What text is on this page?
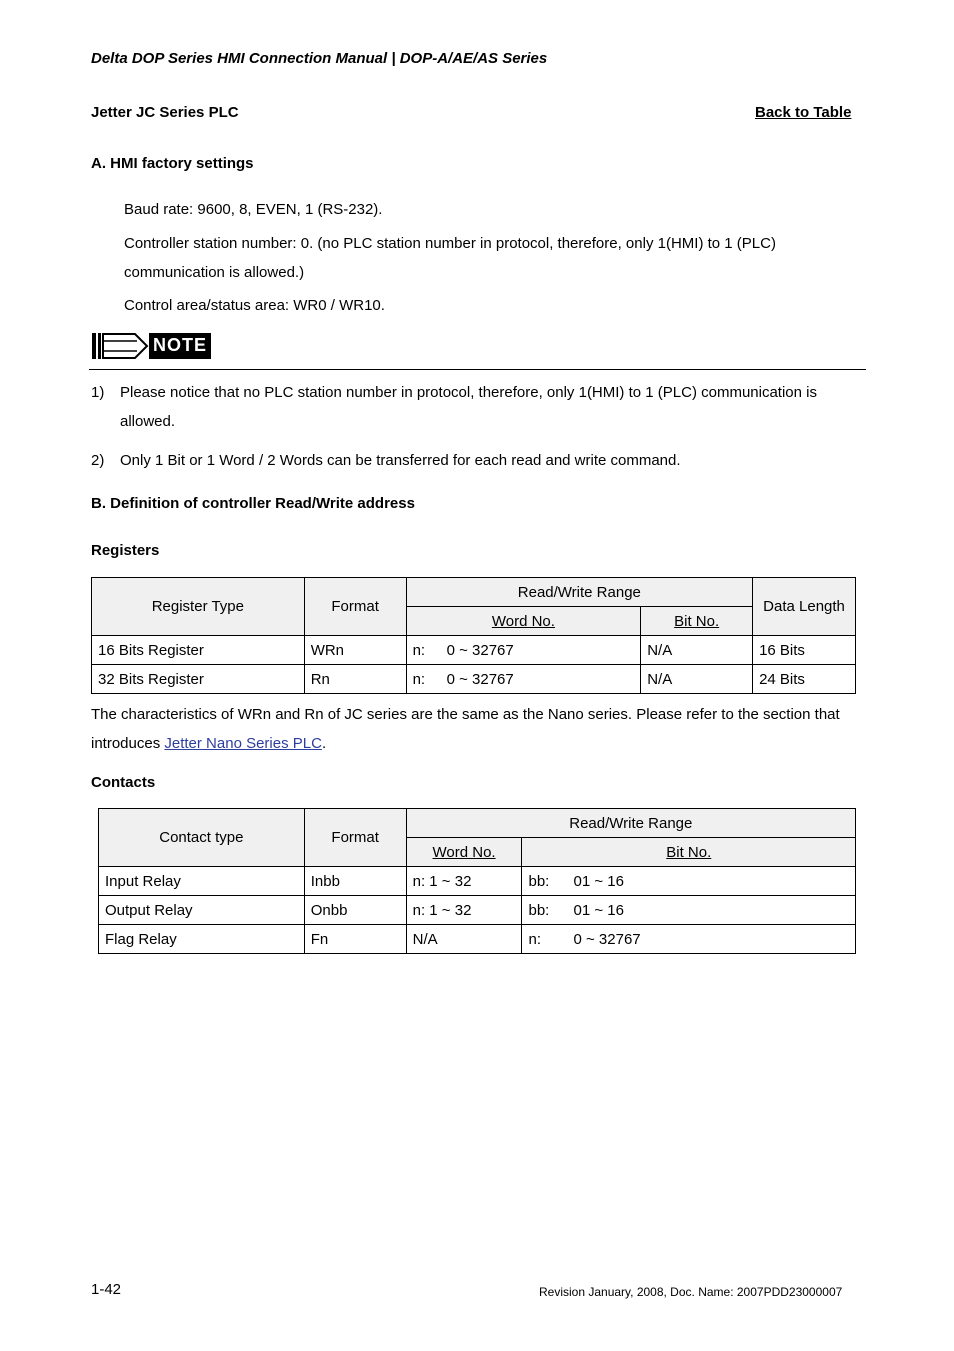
Delta DOP Series HMI Connection Manual | DOP-A/AE/AS Series
Jetter JC Series PLC	Back to Table
A. HMI factory settings
Baud rate: 9600, 8, EVEN, 1 (RS-232).
Controller station number: 0. (no PLC station number in protocol, therefore, only 1(HMI) to 1 (PLC) communication is allowed.)
Control area/status area: WR0 / WR10.
NOTE
1) Please notice that no PLC station number in protocol, therefore, only 1(HMI) to 1 (PLC) communication is allowed.
2) Only 1 Bit or 1 Word / 2 Words can be transferred for each read and write command.
B. Definition of controller Read/Write address
Registers
Register Type	Format	Read/Write Range		Data Length
		Word No.	Bit No.	
16 Bits Register	WRn	n: 0 ~ 32767	N/A	16 Bits
32 Bits Register	Rn	n: 0 ~ 32767	N/A	24 Bits
The characteristics of WRn and Rn of JC series are the same as the Nano series. Please refer to the section that introduces Jetter Nano Series PLC.
Contacts
Contact type	Format	Read/Write Range	
		Word No.	Bit No.
Input Relay	Inbb	n: 1 ~ 32	bb: 01 ~ 16
Output Relay	Onbb	n: 1 ~ 32	bb: 01 ~ 16
Flag Relay	Fn	N/A	n: 0 ~ 32767
1-42	Revision January, 2008, Doc. Name: 2007PDD23000007
